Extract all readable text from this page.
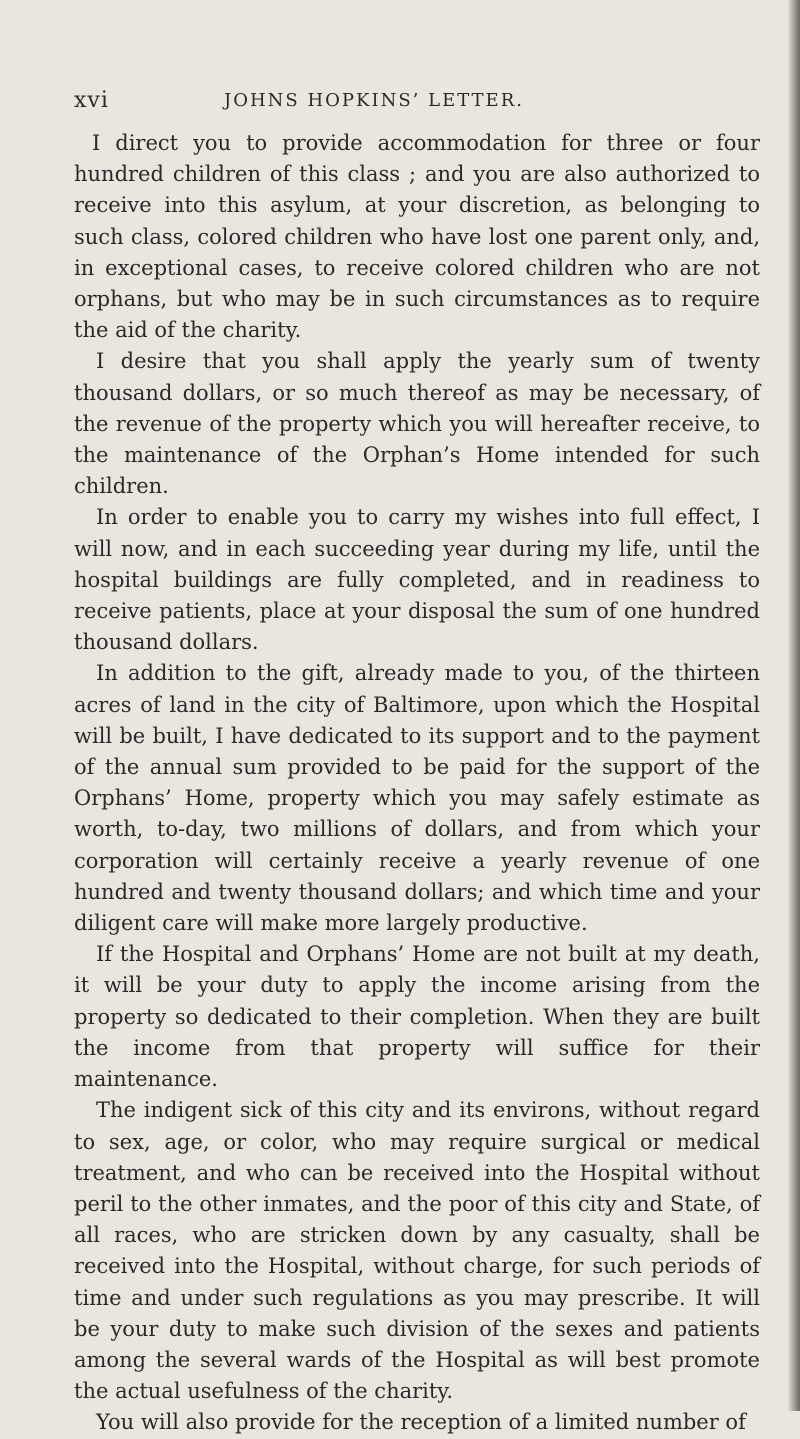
xvi	JOHNS HOPKINS’ LETTER.

I direct you to provide accommodation for three or four hundred children of this class ; and you are also authorized to receive into this asylum, at your discretion, as belonging to such class, colored children who have lost one parent only, and, in exceptional cases, to receive colored children who are not orphans, but who may be in such circumstances as to require the aid of the charity.

I desire that you shall apply the yearly sum of twenty thousand dollars, or so much thereof as may be necessary, of the revenue of the property which you will hereafter receive, to the maintenance of the Orphan’s Home intended for such children.

In order to enable you to carry my wishes into full effect, I will now, and in each succeeding year during my life, until the hospital buildings are fully completed, and in readiness to receive patients, place at your disposal the sum of one hundred thousand dollars.

In addition to the gift, already made to you, of the thirteen acres of land in the city of Baltimore, upon which the Hospital will be built, I have dedicated to its support and to the payment of the annual sum provided to be paid for the support of the Orphans’ Home, property which you may safely estimate as worth, to-day, two millions of dollars, and from which your corporation will certainly receive a yearly revenue of one hundred and twenty thousand dollars; and which time and your diligent care will make more largely productive.

If the Hospital and Orphans’ Home are not built at my death, it will be your duty to apply the income arising from the property so dedicated to their completion. When they are built the income from that property will suffice for their maintenance.

The indigent sick of this city and its environs, without regard to sex, age, or color, who may require surgical or medical treatment, and who can be received into the Hospital without peril to the other inmates, and the poor of this city and State, of all races, who are stricken down by any casualty, shall be received into the Hospital, without charge, for such periods of time and under such regulations as you may prescribe. It will be your duty to make such division of the sexes and patients among the several wards of the Hospital as will best promote the actual usefulness of the charity.

You will also provide for the reception of a limited number of
